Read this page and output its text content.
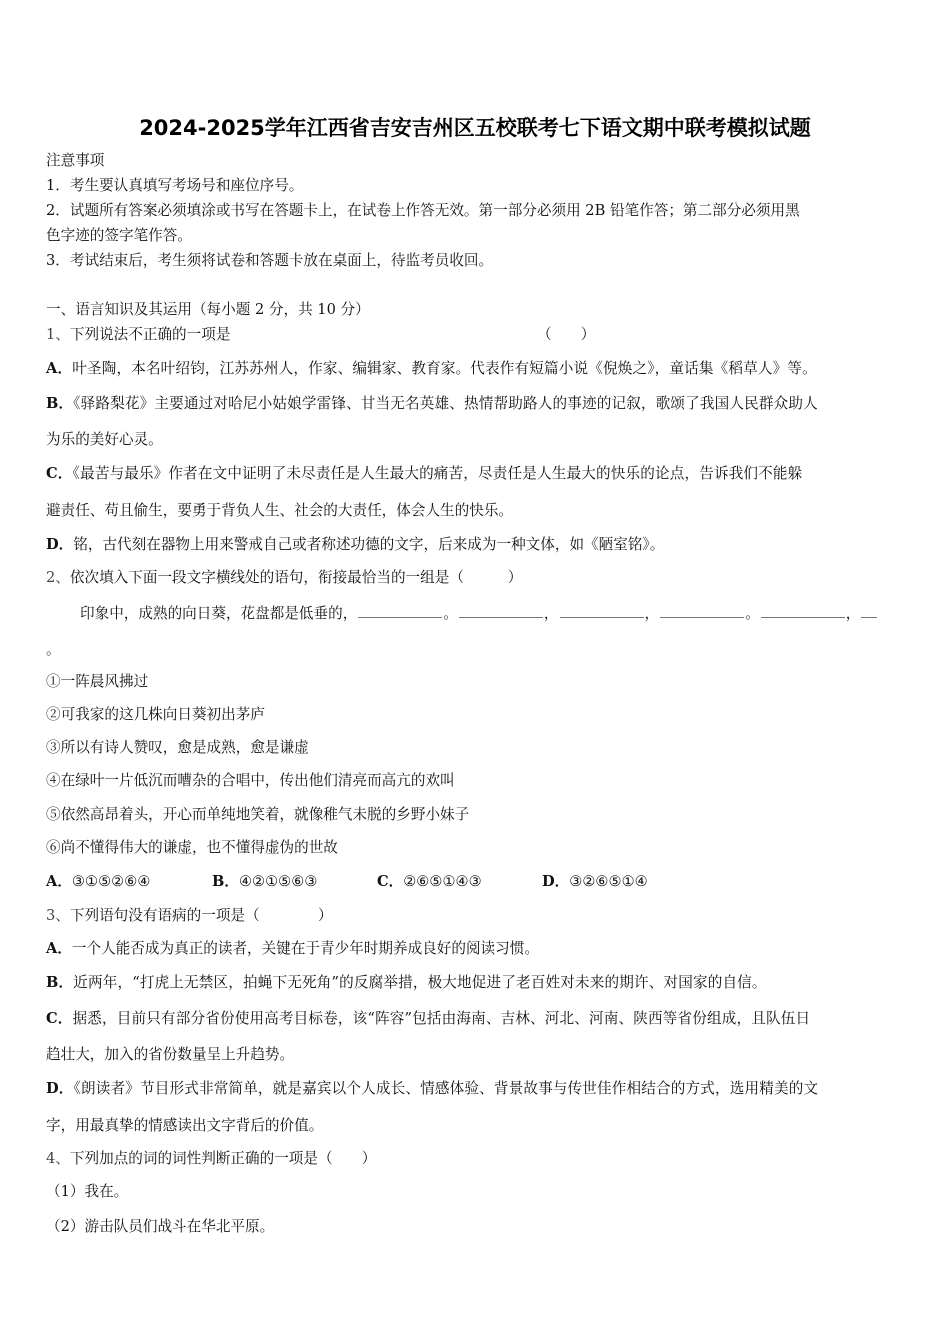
2024-2025学年江西省吉安吉州区五校联考七下语文期中联考模拟试题
注意事项
1．考生要认真填写考场号和座位序号。
2．试题所有答案必须填涂或书写在答题卡上，在试卷上作答无效。第一部分必须用 2B 铅笔作答；第二部分必须用黑
色字迹的签字笔作答。
3．考试结束后，考生须将试卷和答题卡放在桌面上，待监考员收回。
一、语言知识及其运用（每小题 2 分，共 10 分）
1、下列说法不正确的一项是	（　　）
A．叶圣陶，本名叶绍钧，江苏苏州人，作家、编辑家、教育家。代表作有短篇小说《倪焕之》，童话集《稻草人》等。
B．《驿路梨花》主要通过对哈尼小姑娘学雷锋、甘当无名英雄、热情帮助路人的事迹的记叙，歌颂了我国人民群众助人
为乐的美好心灵。
C．《最苦与最乐》作者在文中证明了未尽责任是人生最大的痛苦，尽责任是人生最大的快乐的论点，告诉我们不能躲
避责任、苟且偷生，要勇于背负人生、社会的大责任，体会人生的快乐。
D．铭，古代刻在器物上用来警戒自己或者称述功德的文字，后来成为一种文体，如《陋室铭》。
2、依次填入下面一段文字横线处的语句，衔接最恰当的一组是（　　　）
印象中，成熟的向日葵，花盘都是低垂的，	。	，	，	。	，
。
①一阵晨风拂过
②可我家的这几株向日葵初出茅庐
③所以有诗人赞叹，愈是成熟，愈是谦虚
④在绿叶一片低沉而嘈杂的合唱中，传出他们清亮而高亢的欢叫
⑤依然高昂着头，开心而单纯地笑着，就像稚气未脱的乡野小妹子
⑥尚不懂得伟大的谦虚，也不懂得虚伪的世故
A．③①⑤②⑥④	B．④②①⑤⑥③	C．②⑥⑤①④③	D．③②⑥⑤①④
3、下列语句没有语病的一项是（　　　　）
A．一个人能否成为真正的读者，关键在于青少年时期养成良好的阅读习惯。
B．近两年，“打虎上无禁区，拍蝇下无死角”的反腐举措，极大地促进了老百姓对未来的期许、对国家的自信。
C．据悉，目前只有部分省份使用高考目标卷，该“阵容”包括由海南、吉林、河北、河南、陕西等省份组成，且队伍日
趋壮大，加入的省份数量呈上升趋势。
D．《朗读者》节目形式非常简单，就是嘉宾以个人成长、情感体验、背景故事与传世佳作相结合的方式，选用精美的文
字，用最真挚的情感读出文字背后的价值。
4、下列加点的词的词性判断正确的一项是（　　）
（1）我在。
（2）游击队员们战斗在华北平原。
